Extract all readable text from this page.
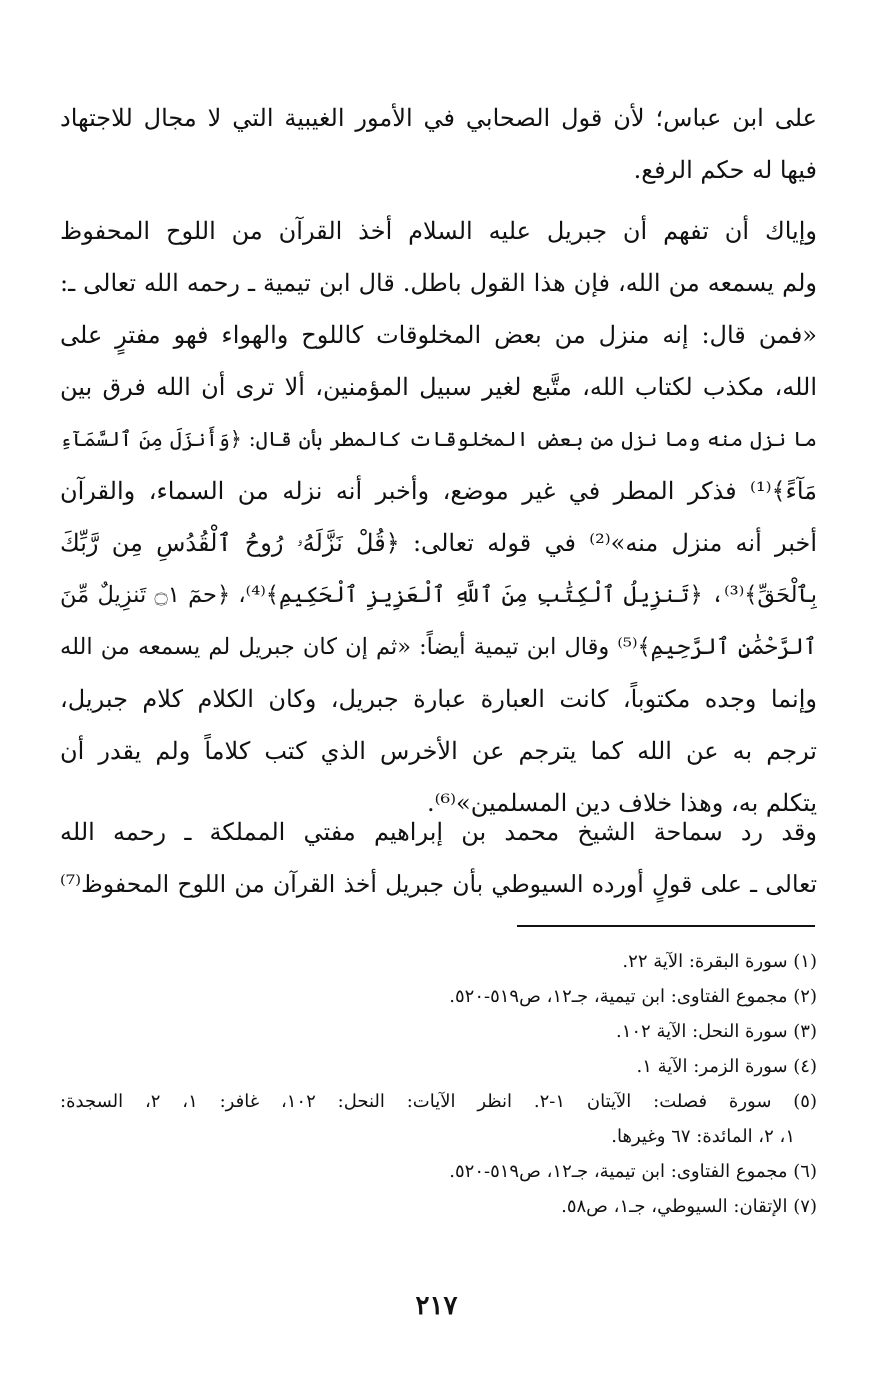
على ابن عباس؛ لأن قول الصحابي في الأمور الغيبية التي لا مجال للاجتهاد
فيها له حكم الرفع.
وإياك أن تفهم أن جبريل عليه السلام أخذ القرآن من اللوح المحفوظ
ولم يسمعه من الله، فإن هذا القول باطل. قال ابن تيمية ـ رحمه الله تعالى ـ:
«فمن قال: إنه منزل من بعض المخلوقات كاللوح والهواء فهو مفترٍ على
الله، مكذب لكتاب الله، متَّبع لغير سبيل المؤمنين، ألا ترى أن الله فرق بين
ما نزل منه وما نزل من بعض المخلوقات كالمطر بأن قال: ﴿وَأَنزَلَ مِنَ ٱلسَّمَآءِ
مَآءً﴾⁽¹⁾ فذكر المطر في غير موضع، وأخبر أنه نزله من السماء، والقرآن
أخبر أنه منزل منه»⁽²⁾ في قوله تعالى: ﴿قُلْ نَزَّلَهُۥ رُوحُ ٱلْقُدُسِ مِن رَّبِّكَ
بِٱلْحَقِّ﴾⁽³⁾، ﴿تَنزِيلُ ٱلْكِتَٰبِ مِنَ ٱللَّهِ ٱلْعَزِيزِ ٱلْحَكِيمِ﴾⁽⁴⁾، ﴿حمٓ ۝١ تَنزِيلٌ مِّنَ
ٱلرَّحْمَٰنِ ٱلرَّحِيمِ﴾⁽⁵⁾ وقال ابن تيمية أيضاً: «ثم إن كان جبريل لم يسمعه من الله
وإنما وجده مكتوباً، كانت العبارة عبارة جبريل، وكان الكلام كلام جبريل،
ترجم به عن الله كما يترجم عن الأخرس الذي كتب كلاماً ولم يقدر أن
يتكلم به، وهذا خلاف دين المسلمين»⁽⁶⁾.
وقد رد سماحة الشيخ محمد بن إبراهيم مفتي المملكة ـ رحمه الله
تعالى ـ على قولٍ أورده السيوطي بأن جبريل أخذ القرآن من اللوح المحفوظ⁽⁷⁾
(١) سورة البقرة: الآية ٢٢.
(٢) مجموع الفتاوى: ابن تيمية، جـ١٢، ص٥١٩-٥٢٠.
(٣) سورة النحل: الآية ١٠٢.
(٤) سورة الزمر: الآية ١.
(٥) سورة فصلت: الآيتان ١-٢. انظر الآيات: النحل: ١٠٢، غافر: ١، ٢، السجدة:
١، ٢، المائدة: ٦٧ وغيرها.
(٦) مجموع الفتاوى: ابن تيمية، جـ١٢، ص٥١٩-٥٢٠.
(٧) الإتقان: السيوطي، جـ١، ص٥٨.
٢١٧
